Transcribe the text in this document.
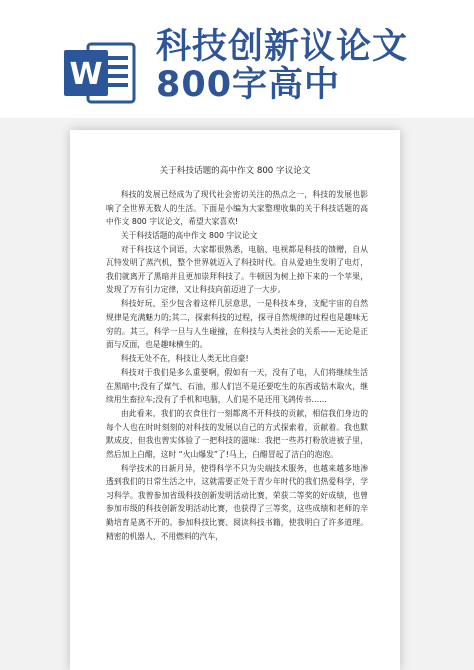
W
科技创新议论文800字高中
关于科技话题的高中作文 800 字议论文

科技的发展已经成为了现代社会密切关注的热点之一，科技的发展也影响了全世界无数人的生活。下面是小编为大家整理收集的关于科技话题的高中作文 800 字议论文，希望大家喜欢!

关于科技话题的高中作文 800 字议论文

对于科技这个词语，大家都很熟悉，电脑、电视都是科技的馈赠，自从瓦特发明了蒸汽机，整个世界就迈入了科技时代。自从爱迪生发明了电灯，我们就离开了黑暗并且更加崇拜科技了。牛顿因为树上掉下来的一个苹果，发现了万有引力定律，又让科技向前迈进了一大步。

科技好玩，至少包含着这样几层意思，一是科技本身，支配宇宙的自然规律是充满魅力的;其二，探索科技的过程，探寻自然规律的过程也是趣味无穷的。其三，科学一旦与人生碰撞，在科技与人类社会的关系——无论是正面与反面，也是趣味横生的。

科技无处不在，科技让人类无比自豪!

科技对于我们是多么重要啊，假如有一天，没有了电，人们将继续生活在黑暗中;没有了煤气、石油，那人们岂不是还要吃生的东西或钻木取火，继续用生畜拉车;没有了手机和电脑，人们是不是还用飞鸽传书……

由此看来，我们的衣食住行一刻都离不开科技的贡献，相信我们身边的每个人也在时时刻刻的对科技的发展以自己的方式探索着，贡献着。我也默默成皮，但我也曾实体验了一把科技的滋味：我把一些苏打粉放进被子里，然后加上白醋，这时 “火山爆发”了!马上，白醋冒起了洁白的泡泡。

科学技术的日新月异，使得科学不只为尖端技术服务，也越来越多地渗透到我们的日常生活之中，这就需要正处于青少年时代的我们热爱科学，学习科学。我曾参加省级科技创新发明活动比赛，荣获二等奖的好成绩，也曾参加市级的科技创新发明活动比赛，也获得了三等奖，这些成绩和老师的辛勤培育是离不开的。参加科技比赛、阅读科技书籍，使我明白了许多道理。精密的机器人、不用燃料的汽车，
